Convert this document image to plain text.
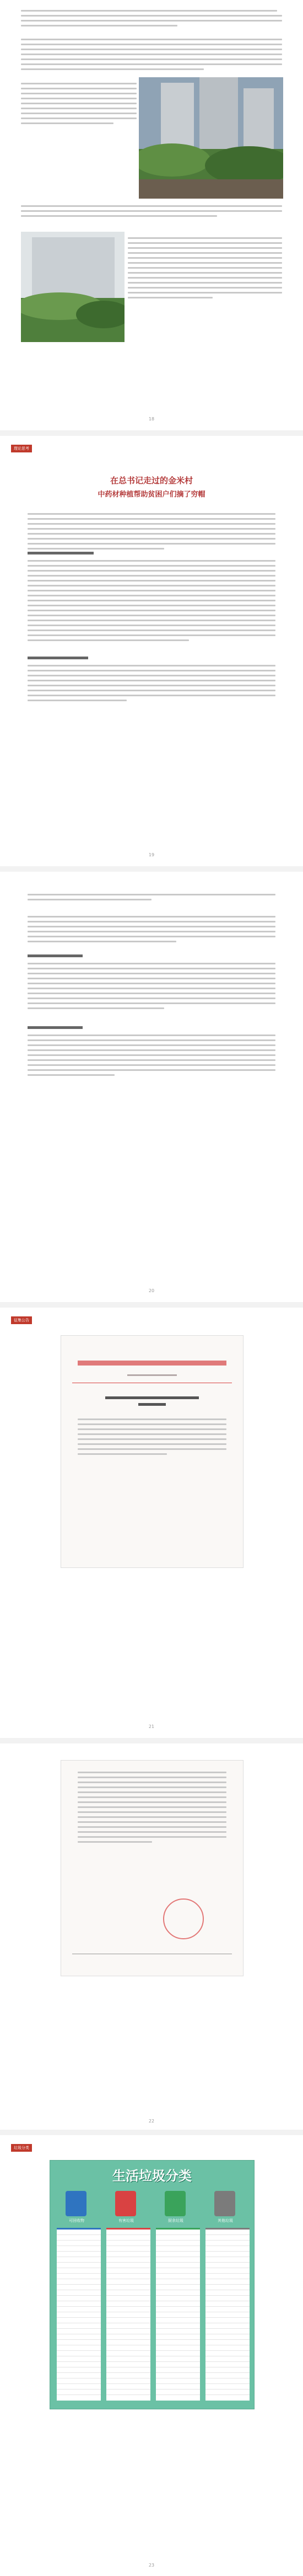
18
理论思考
在总书记走过的金米村
中药材种植帮助贫困户们摘了穷帽
19
20
征集公告
21
22
垃圾分类
生活垃圾分类
可回收物	有害垃圾	厨余垃圾	其他垃圾
23
